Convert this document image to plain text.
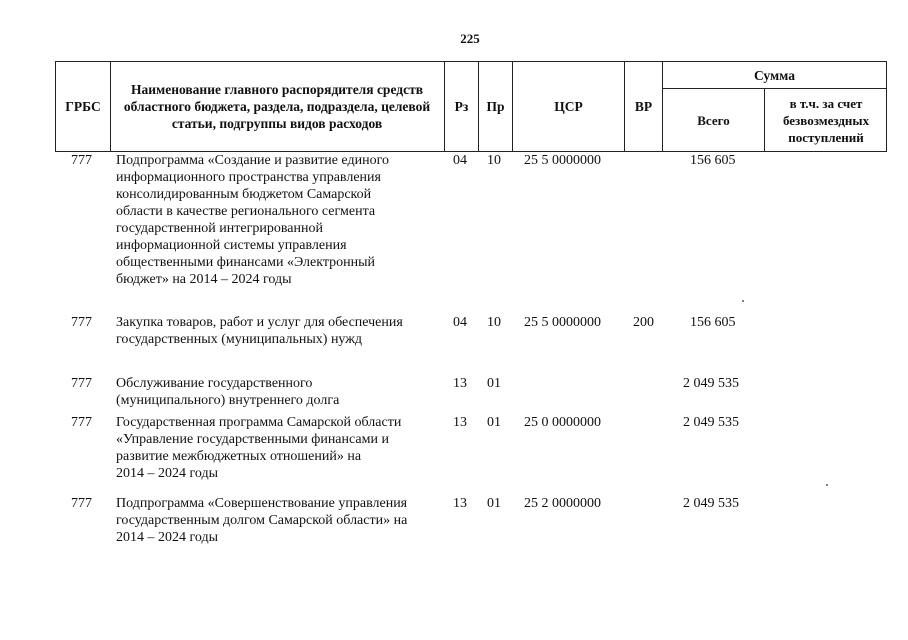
225
ГРБС
Наименование главного распорядителя средств областного бюджета, раздела, подраздела, целевой статьи, подгруппы видов расходов
Рз	Пр	ЦСР	ВР
Сумма
Всего
в т.ч. за счет безвозмездных поступлений
777 Подпрограмма «Создание и развитие единого
информационного пространства управления
консолидированным бюджетом Самарской
области в качестве регионального сегмента
государственной интегрированной
информационной системы управления
общественными финансами «Электронный
бюджет» на 2014 – 2024 годы
04 10 25 5 0000000	156 605
777 Закупка товаров, работ и услуг для обеспечения
государственных (муниципальных) нужд
04 10 25 5 0000000 200	156 605
777 Обслуживание государственного
(муниципального) внутреннего долга
13 01	2 049 535
777 Государственная программа Самарской области
«Управление государственными финансами и
развитие межбюджетных отношений» на
2014 – 2024 годы
13 01 25 0 0000000	2 049 535
777 Подпрограмма «Совершенствование управления
государственным долгом Самарской области» на
2014 – 2024 годы
13 01 25 2 0000000	2 049 535
